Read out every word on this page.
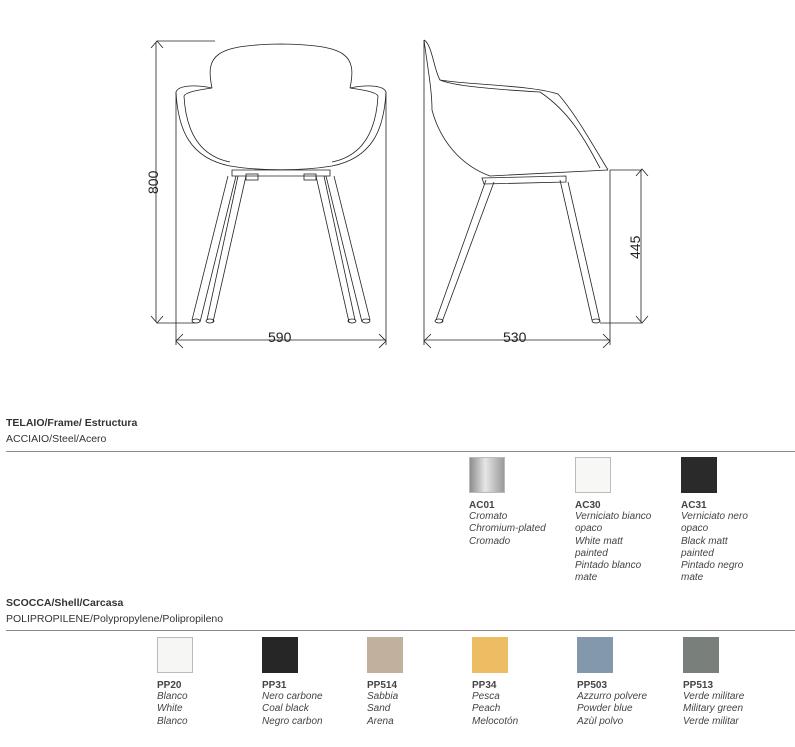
800
590	530
445
TELAIO/Frame/ Estructura
ACCIAIO/Steel/Acero
AC01
Cromato
Chromium-plated
Cromado
AC30
Verniciato bianco
opaco
White matt
painted
Pintado blanco
mate
AC31
Verniciato nero
opaco
Black matt
painted
Pintado negro
mate
SCOCCA/Shell/Carcasa
POLIPROPILENE/Polypropylene/Polipropileno
PP20
Blanco
White
Blanco
PP31
Nero carbone
Coal black
Negro carbon
PP514
Sabbia
Sand
Arena
PP34
Pesca
Peach
Melocotón
PP503
Azzurro polvere
Powder blue
Azùl polvo
PP513
Verde militare
Military green
Verde militar
